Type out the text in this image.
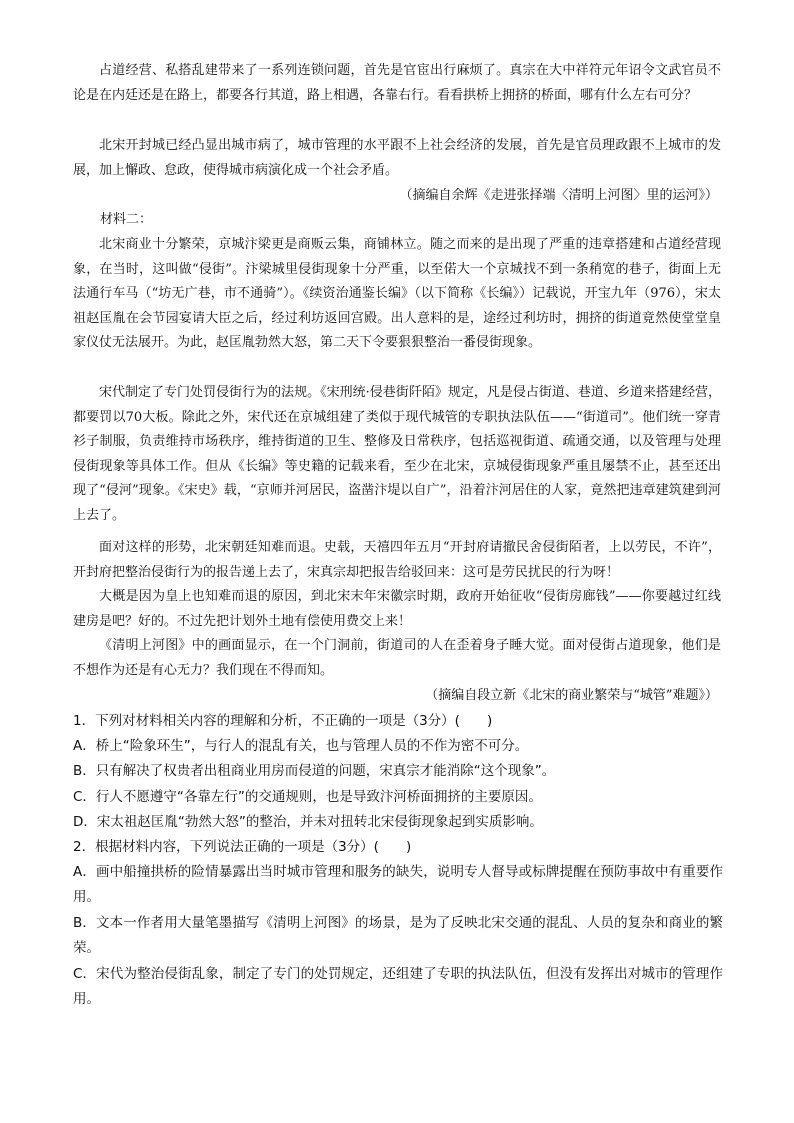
占道经营、私搭乱建带来了一系列连锁问题，首先是官宦出行麻烦了。真宗在大中祥符元年诏令文武官员不论是在内廷还是在路上，都要各行其道，路上相遇，各靠右行。看看拱桥上拥挤的桥面，哪有什么左右可分？

北宋开封城已经凸显出城市病了，城市管理的水平跟不上社会经济的发展，首先是官员理政跟不上城市的发展，加上懈政、怠政，使得城市病演化成一个社会矛盾。

（摘编自余辉《走进张择端〈清明上河图〉里的运河》）

材料二：

北宋商业十分繁荣，京城汴梁更是商贩云集，商铺林立。随之而来的是出现了严重的违章搭建和占道经营现象，在当时，这叫做“侵街”。汴梁城里侵街现象十分严重，以至偌大一个京城找不到一条稍宽的巷子，街面上无法通行车马（“坊无广巷，市不通骑”）。《续资治通鉴长编》（以下简称《长编》）记载说，开宝九年（976），宋太祖赵匡胤在会节园宴请大臣之后，经过利坊返回宫殿。出人意料的是，途经过利坊时，拥挤的街道竟然使堂堂皇家仪仗无法展开。为此，赵匡胤勃然大怒，第二天下令要狠狠整治一番侵街现象。

宋代制定了专门处罚侵街行为的法规。《宋刑统·侵巷街阡陌》规定，凡是侵占街道、巷道、乡道来搭建经营，都要罚以70大板。除此之外，宋代还在京城组建了类似于现代城管的专职执法队伍——“街道司”。他们统一穿青衫子制服，负责维持市场秩序，维持街道的卫生、整修及日常秩序，包括巡视街道、疏通交通，以及管理与处理侵街现象等具体工作。但从《长编》等史籍的记载来看，至少在北宋，京城侵街现象严重且屡禁不止，甚至还出现了“侵河”现象。《宋史》载，“京师并河居民，盗凿汴堤以自广”，沿着汴河居住的人家，竟然把违章建筑建到河上去了。

面对这样的形势，北宋朝廷知难而退。史载，天禧四年五月“开封府请撤民舍侵街陌者，上以劳民，不许”，开封府把整治侵街行为的报告递上去了，宋真宗却把报告给驳回来：这可是劳民扰民的行为呀！

大概是因为皇上也知难而退的原因，到北宋末年宋徽宗时期，政府开始征收“侵街房廊钱”——你要越过红线建房是吧？好的。不过先把计划外土地有偿使用费交上来！

《清明上河图》中的画面显示，在一个门洞前，街道司的人在歪着身子睡大觉。面对侵街占道现象，他们是不想作为还是有心无力？我们现在不得而知。

（摘编自段立新《北宋的商业繁荣与“城管”难题》）

1．下列对材料相关内容的理解和分析，不正确的一项是（3分）(　　)

A．桥上“险象环生”，与行人的混乱有关，也与管理人员的不作为密不可分。

B．只有解决了权贵者出租商业用房而侵道的问题，宋真宗才能消除“这个现象”。

C．行人不愿遵守“各靠左行”的交通规则，也是导致汴河桥面拥挤的主要原因。

D．宋太祖赵匡胤“勃然大怒”的整治，并未对扭转北宋侵街现象起到实质影响。

2．根据材料内容，下列说法正确的一项是（3分）(　　)

A．画中船撞拱桥的险情暴露出当时城市管理和服务的缺失，说明专人督导或标牌提醒在预防事故中有重要作用。

B．文本一作者用大量笔墨描写《清明上河图》的场景，是为了反映北宋交通的混乱、人员的复杂和商业的繁荣。

C．宋代为整治侵街乱象，制定了专门的处罚规定，还组建了专职的执法队伍，但没有发挥出对城市的管理作用。
